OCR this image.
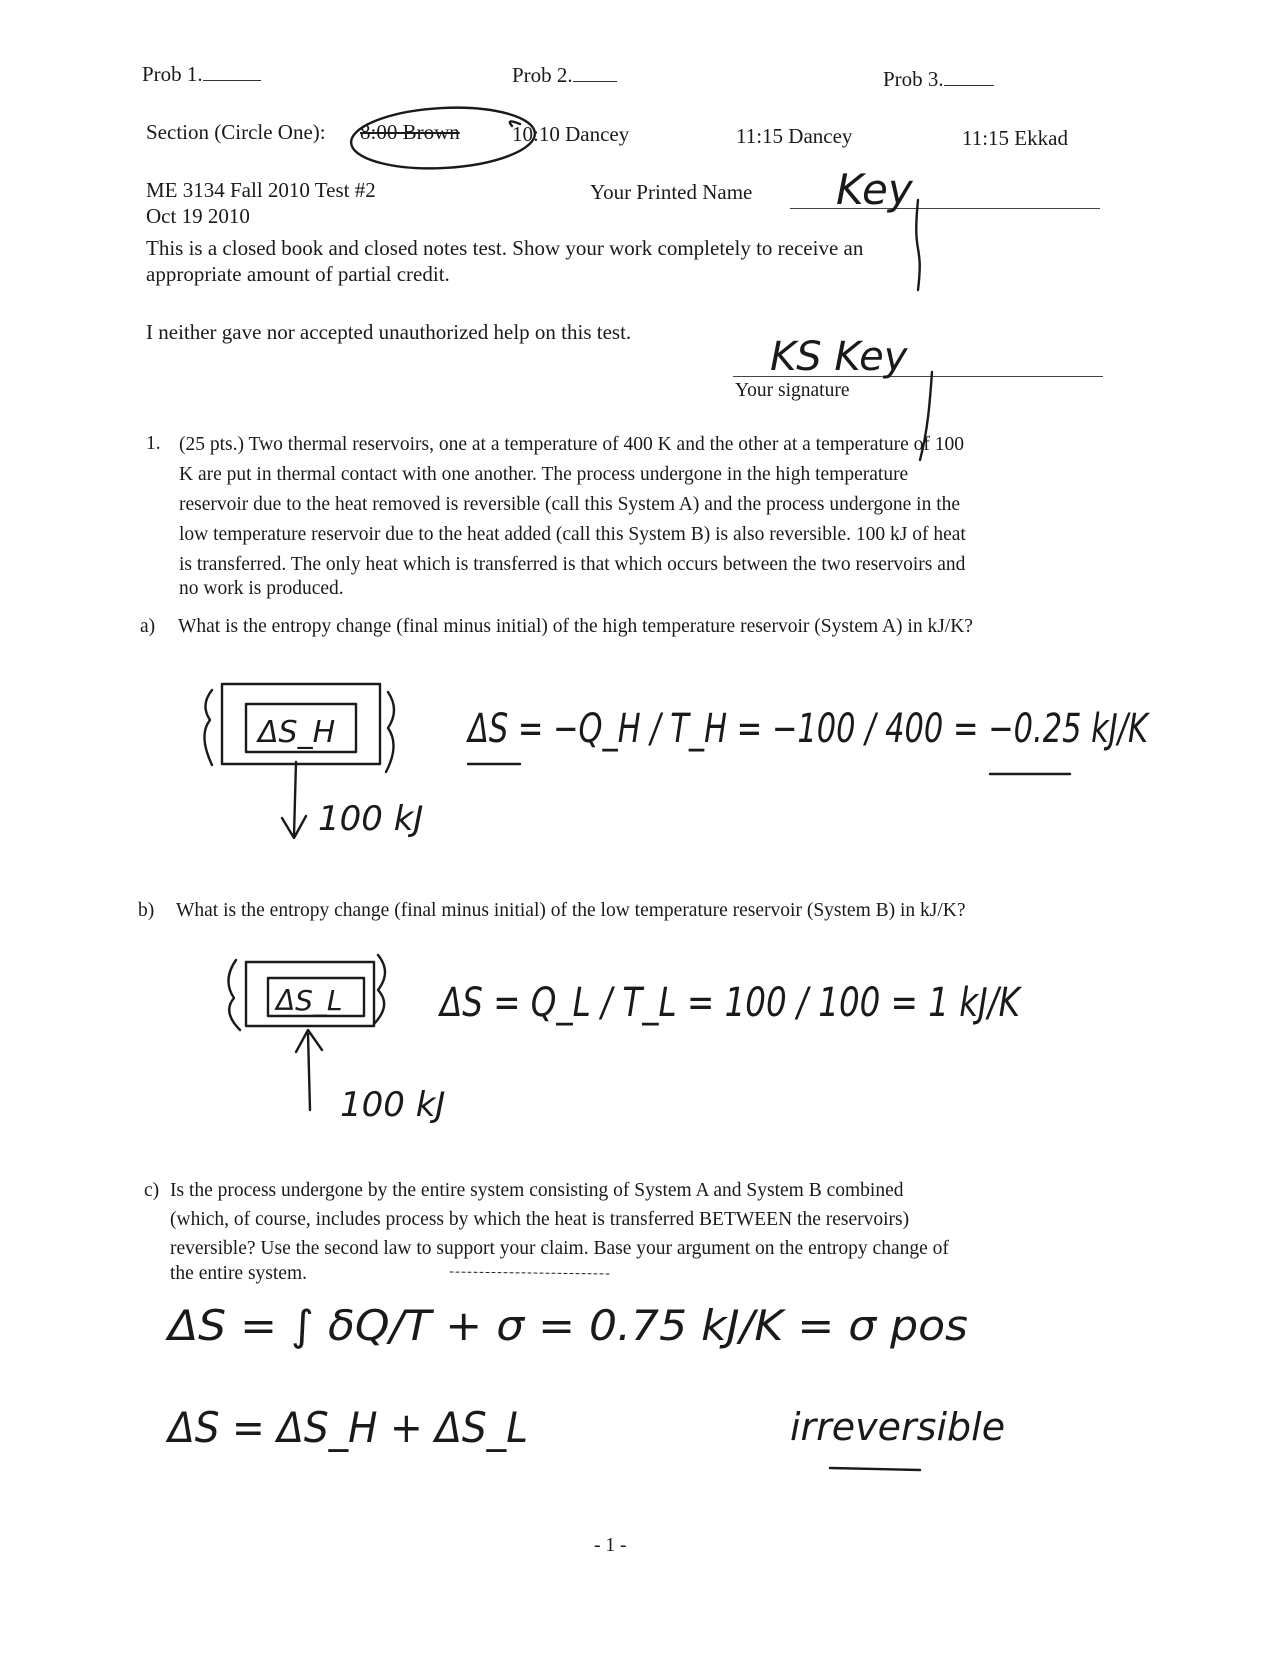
Prob 1.	Prob 2.	Prob 3.
Section (Circle One): 8:00 Brown 10:10 Dancey	11:15 Dancey	11:15 Ekkad
ME 3134 Fall 2010 Test #2
Oct 19 2010
Your Printed Name
This is a closed book and closed notes test. Show your work completely to receive an
appropriate amount of partial credit.
I neither gave nor accepted unauthorized help on this test.
Your signature
1. (25 pts.) Two thermal reservoirs, one at a temperature of 400 K and the other at a temperature of 100
K are put in thermal contact with one another. The process undergone in the high temperature
reservoir due to the heat removed is reversible (call this System A) and the process undergone in the
low temperature reservoir due to the heat added (call this System B) is also reversible. 100 kJ of heat
is transferred. The only heat which is transferred is that which occurs between the two reservoirs and
no work is produced.
a) What is the entropy change (final minus initial) of the high temperature reservoir (System A) in kJ/K?
b) What is the entropy change (final minus initial) of the low temperature reservoir (System B) in kJ/K?
c) Is the process undergone by the entire system consisting of System A and System B combined
(which, of course, includes process by which the heat is transferred BETWEEN the reservoirs)
reversible? Use the second law to support your claim. Base your argument on the entropy change of
the entire system.
- 1 -
Key
KS Key
ΔS_H
100 kJ
ΔS = −Q_H / T_H = −100 / 400 = −0.25 kJ/K
ΔS_L
100 kJ
ΔS = Q_L / T_L = 100 / 100 = 1 kJ/K
ΔS = ∫ δQ/T + σ = 0.75 kJ/K = σ pos
ΔS = ΔS_H + ΔS_L	irreversible
